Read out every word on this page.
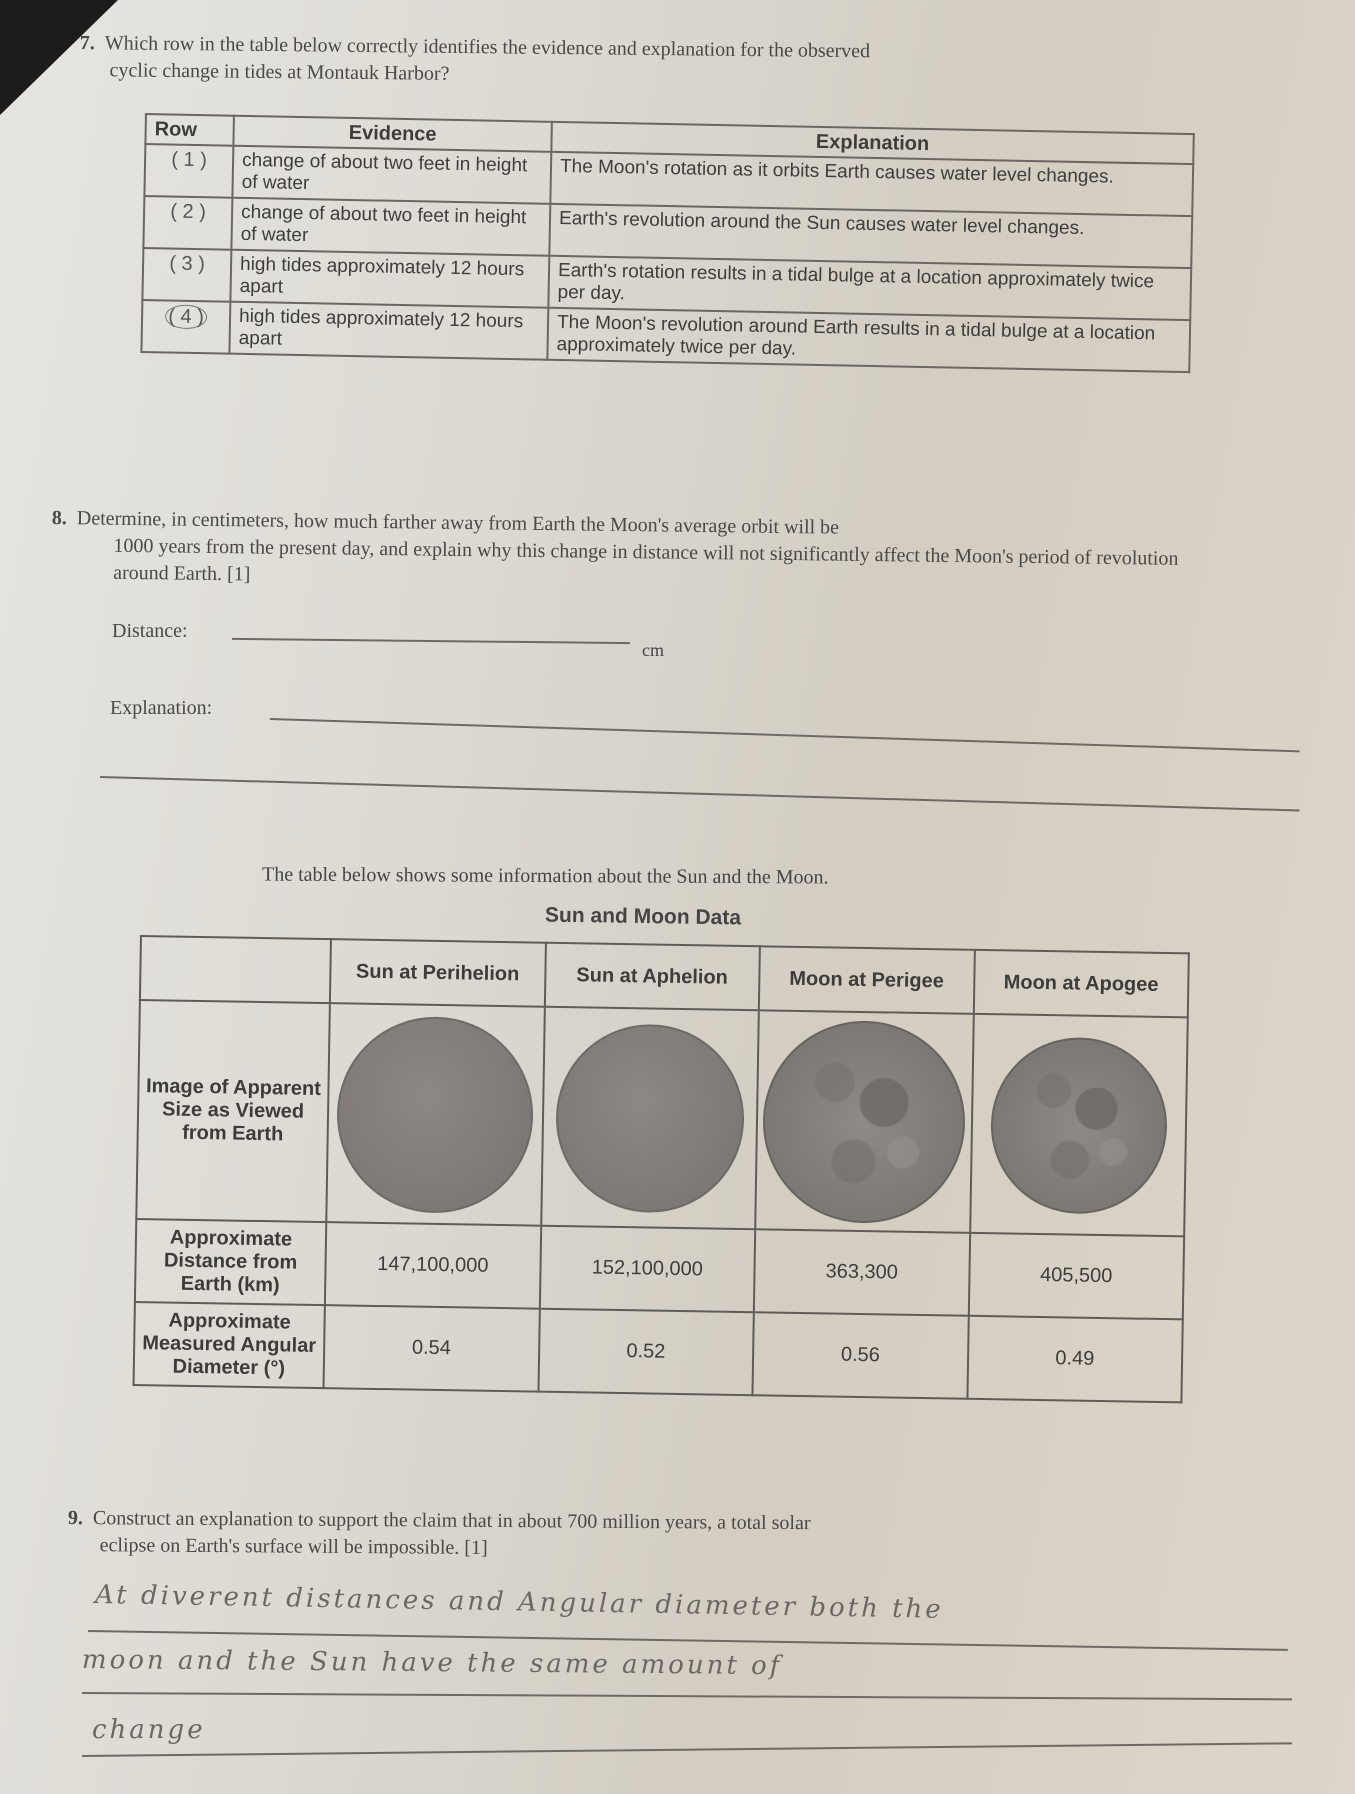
7. Which row in the table below correctly identifies the evidence and explanation for the observed
cyclic change in tides at Montauk Harbor?
Row	Evidence	Explanation
( 1 )	change of about two feet in height of water	The Moon's rotation as it orbits Earth causes water level changes.
( 2 )	change of about two feet in height of water	Earth's revolution around the Sun causes water level changes.
( 3 )	high tides approximately 12 hours apart	Earth's rotation results in a tidal bulge at a location approximately twice per day.
( 4 )	high tides approximately 12 hours apart	The Moon's revolution around Earth results in a tidal bulge at a location approximately twice per day.
8. Determine, in centimeters, how much farther away from Earth the Moon's average orbit will be
1000 years from the present day, and explain why this change in distance will not significantly affect the Moon's period of revolution around Earth. [1]
Distance:
cm
Explanation:
The table below shows some information about the Sun and the Moon.
Sun and Moon Data
	Sun at Perihelion	Sun at Aphelion	Moon at Perigee	Moon at Apogee
Image of Apparent Size as Viewed from Earth	

Approximate Distance from Earth (km)	147,100,000	152,100,000	363,300	405,500
Approximate Measured Angular Diameter (°)	0.54	0.52	0.56	0.49
9. Construct an explanation to support the claim that in about 700 million years, a total solar
eclipse on Earth's surface will be impossible. [1]
At diverent distances and Angular diameter both the
moon and the Sun have the same amount of
change
